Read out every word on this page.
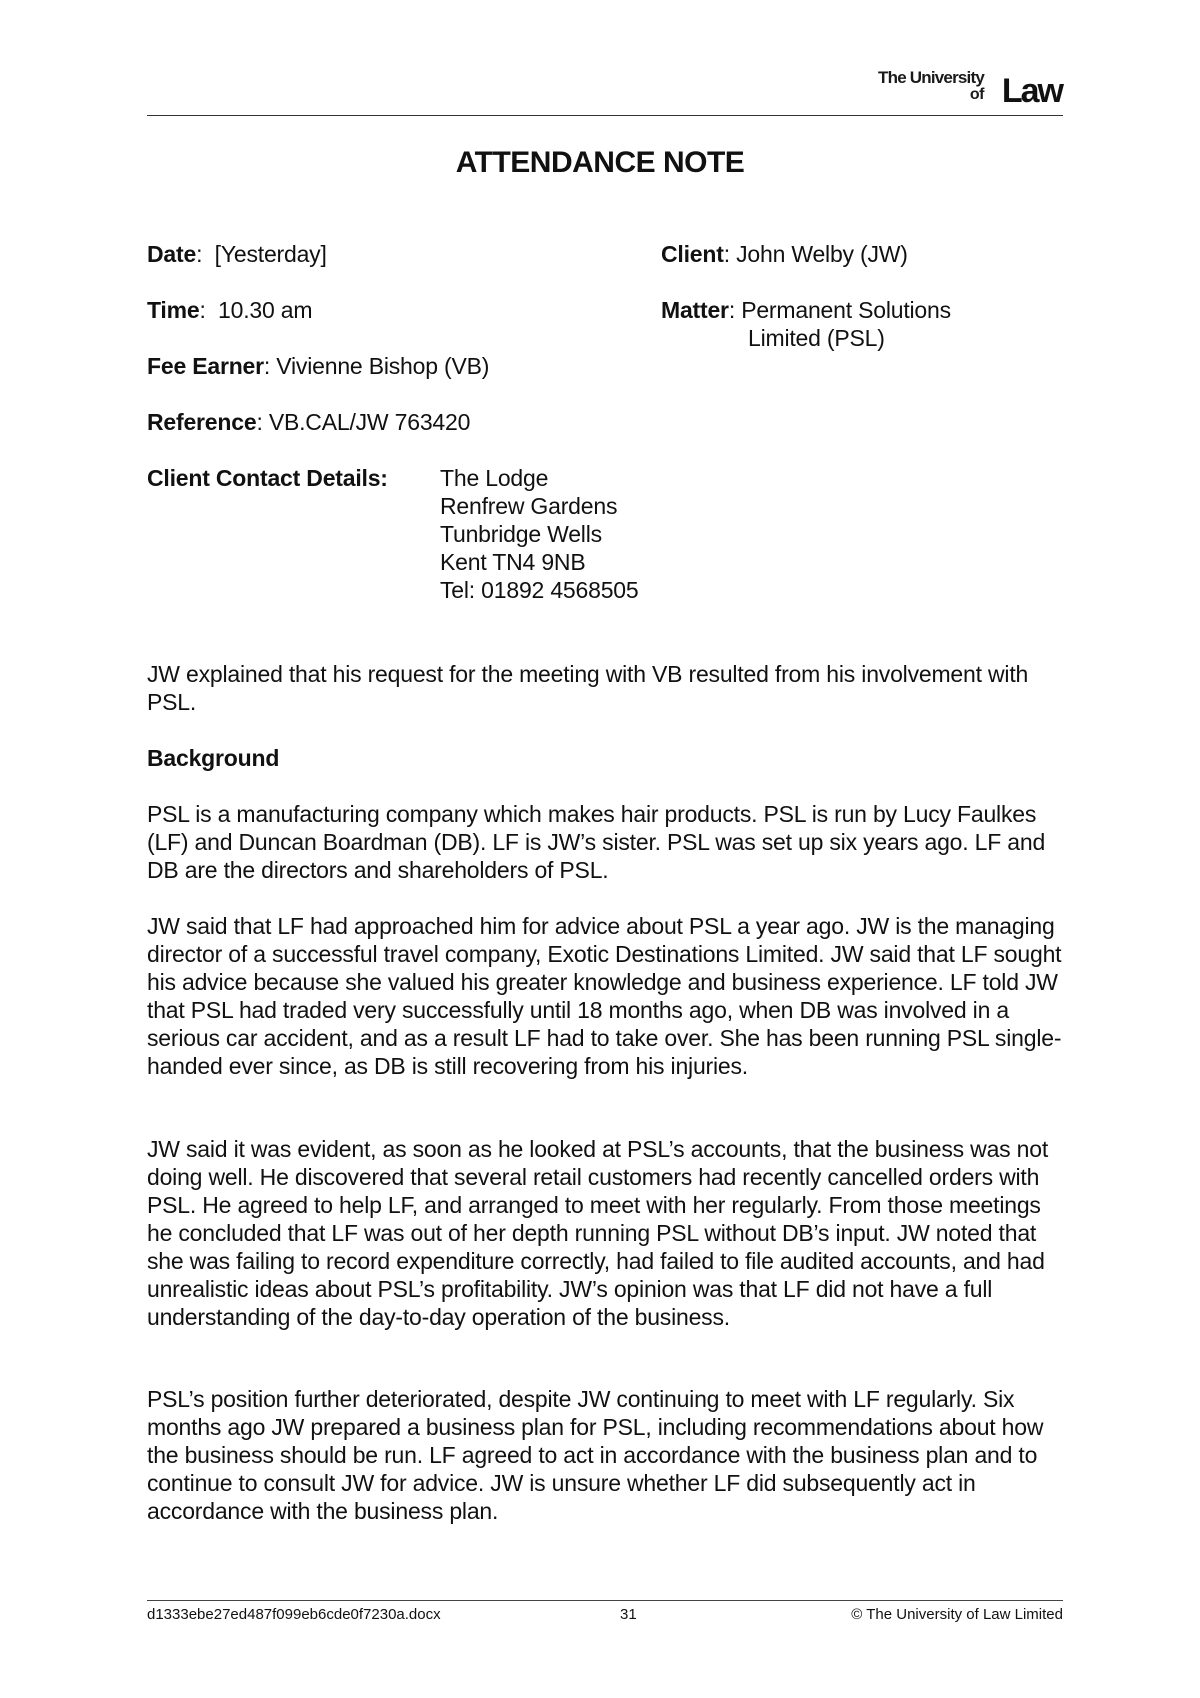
The University
of Law
ATTENDANCE NOTE
Date:  [Yesterday]
Time:  10.30 am
Fee Earner: Vivienne Bishop (VB)
Reference: VB.CAL/JW 763420
Client: John Welby (JW)
Matter: Permanent Solutions
Limited (PSL)
Client Contact Details: The Lodge
Renfrew Gardens
Tunbridge Wells
Kent TN4 9NB
Tel: 01892 4568505
JW explained that his request for the meeting with VB resulted from his involvement with PSL.
Background
PSL is a manufacturing company which makes hair products. PSL is run by Lucy Faulkes (LF) and Duncan Boardman (DB). LF is JW’s sister. PSL was set up six years ago. LF and DB are the directors and shareholders of PSL.
JW said that LF had approached him for advice about PSL a year ago. JW is the managing director of a successful travel company, Exotic Destinations Limited. JW said that LF sought his advice because she valued his greater knowledge and business experience. LF told JW that PSL had traded very successfully until 18 months ago, when DB was involved in a serious car accident, and as a result LF had to take over. She has been running PSL single-handed ever since, as DB is still recovering from his injuries.
JW said it was evident, as soon as he looked at PSL’s accounts, that the business was not doing well. He discovered that several retail customers had recently cancelled orders with PSL. He agreed to help LF, and arranged to meet with her regularly. From those meetings he concluded that LF was out of her depth running PSL without DB’s input. JW noted that she was failing to record expenditure correctly, had failed to file audited accounts, and had unrealistic ideas about PSL’s profitability. JW’s opinion was that LF did not have a full understanding of the day-to-day operation of the business.
PSL’s position further deteriorated, despite JW continuing to meet with LF regularly. Six months ago JW prepared a business plan for PSL, including recommendations about how the business should be run. LF agreed to act in accordance with the business plan and to continue to consult JW for advice. JW is unsure whether LF did subsequently act in accordance with the business plan.
d1333ebe27ed487f099eb6cde0f7230a.docx	31	© The University of Law Limited
